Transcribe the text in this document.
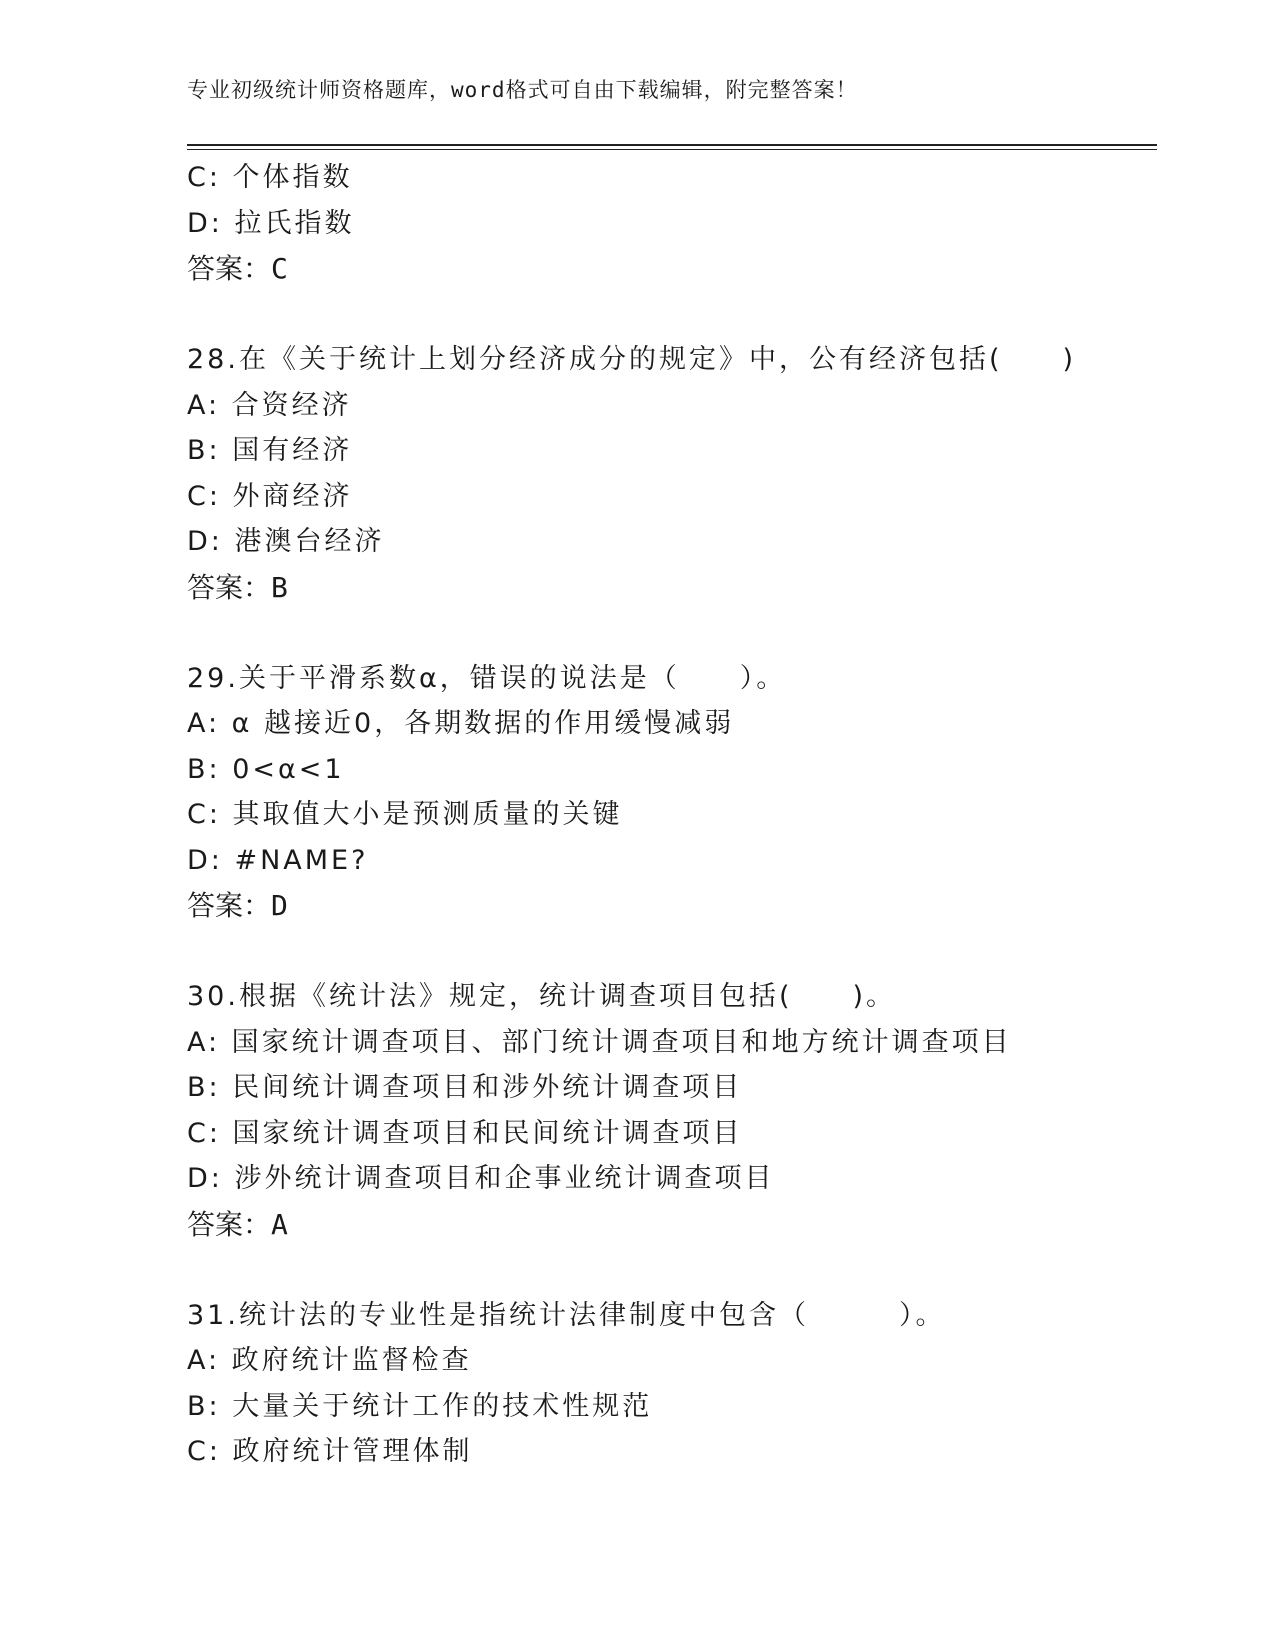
专业初级统计师资格题库，word格式可自由下载编辑，附完整答案！
C: 个体指数
D: 拉氏指数
答案：C
28.在《关于统计上划分经济成分的规定》中，公有经济包括(　　)
A: 合资经济
B: 国有经济
C: 外商经济
D: 港澳台经济
答案：B
29.关于平滑系数α，错误的说法是（　　）。
A: α 越接近0，各期数据的作用缓慢减弱
B: 0<α<1
C: 其取值大小是预测质量的关键
D: #NAME?
答案：D
30.根据《统计法》规定，统计调查项目包括(　　)。
A: 国家统计调查项目、部门统计调查项目和地方统计调查项目
B: 民间统计调查项目和涉外统计调查项目
C: 国家统计调查项目和民间统计调查项目
D: 涉外统计调查项目和企事业统计调查项目
答案：A
31.统计法的专业性是指统计法律制度中包含（　　　）。
A: 政府统计监督检查
B: 大量关于统计工作的技术性规范
C: 政府统计管理体制
